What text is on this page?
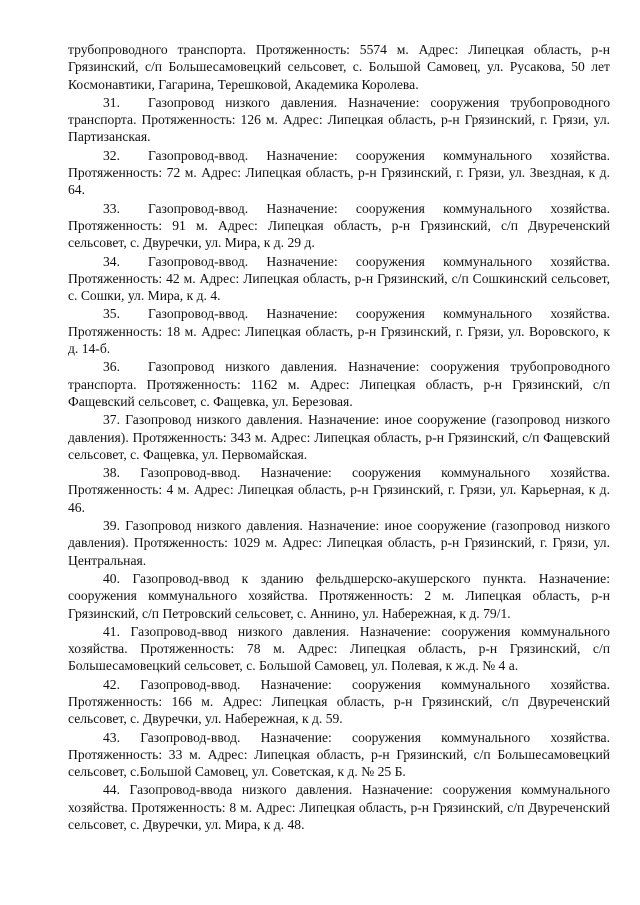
трубопроводного транспорта. Протяженность: 5574 м. Адрес: Липецкая область, р-н Грязинский, с/п Большесамовецкий сельсовет, с. Большой Самовец, ул. Русакова, 50 лет Космонавтики, Гагарина, Терешковой, Академика Королева.

31. Газопровод низкого давления. Назначение: сооружения трубопроводного транспорта. Протяженность: 126 м. Адрес: Липецкая область, р-н Грязинский, г. Грязи, ул. Партизанская.

32. Газопровод-ввод. Назначение: сооружения коммунального хозяйства. Протяженность: 72 м. Адрес: Липецкая область, р-н Грязинский, г. Грязи, ул. Звездная, к д. 64.

33. Газопровод-ввод. Назначение: сооружения коммунального хозяйства. Протяженность: 91 м. Адрес: Липецкая область, р-н Грязинский, с/п Двуреченский сельсовет, с. Двуречки, ул. Мира, к д. 29 д.

34. Газопровод-ввод. Назначение: сооружения коммунального хозяйства. Протяженность: 42 м. Адрес: Липецкая область, р-н Грязинский, с/п Сошкинский сельсовет, с. Сошки, ул. Мира, к д. 4.

35. Газопровод-ввод. Назначение: сооружения коммунального хозяйства. Протяженность: 18 м. Адрес: Липецкая область, р-н Грязинский, г. Грязи, ул. Воровского, к д. 14-б.

36. Газопровод низкого давления. Назначение: сооружения трубопроводного транспорта. Протяженность: 1162 м. Адрес: Липецкая область, р-н Грязинский, с/п Фащевский сельсовет, с. Фащевка, ул. Березовая.

37. Газопровод низкого давления. Назначение: иное сооружение (газопровод низкого давления). Протяженность: 343 м. Адрес: Липецкая область, р-н Грязинский, с/п Фащевский сельсовет, с. Фащевка, ул. Первомайская.

38. Газопровод-ввод. Назначение: сооружения коммунального хозяйства. Протяженность: 4 м. Адрес: Липецкая область, р-н Грязинский, г. Грязи, ул. Карьерная, к д. 46.

39. Газопровод низкого давления. Назначение: иное сооружение (газопровод низкого давления). Протяженность: 1029 м. Адрес: Липецкая область, р-н Грязинский, г. Грязи, ул. Центральная.

40. Газопровод-ввод к зданию фельдшерско-акушерского пункта. Назначение: сооружения коммунального хозяйства. Протяженность: 2 м. Липецкая область, р-н Грязинский, с/п Петровский сельсовет, с. Аннино, ул. Набережная, к д. 79/1.

41. Газопровод-ввод низкого давления. Назначение: сооружения коммунального хозяйства. Протяженность: 78 м. Адрес: Липецкая область, р-н Грязинский, с/п Большесамовецкий сельсовет, с. Большой Самовец, ул. Полевая, к ж.д. № 4 а.

42. Газопровод-ввод. Назначение: сооружения коммунального хозяйства. Протяженность: 166 м. Адрес: Липецкая область, р-н Грязинский, с/п Двуреченский сельсовет, с. Двуречки, ул. Набережная, к д. 59.

43. Газопровод-ввод. Назначение: сооружения коммунального хозяйства. Протяженность: 33 м. Адрес: Липецкая область, р-н Грязинский, с/п Большесамовецкий сельсовет, с.Большой Самовец, ул. Советская, к д. № 25 Б.

44. Газопровод-ввода низкого давления. Назначение: сооружения коммунального хозяйства. Протяженность: 8 м. Адрес: Липецкая область, р-н Грязинский, с/п Двуреченский сельсовет, с. Двуречки, ул. Мира, к д. 48.
